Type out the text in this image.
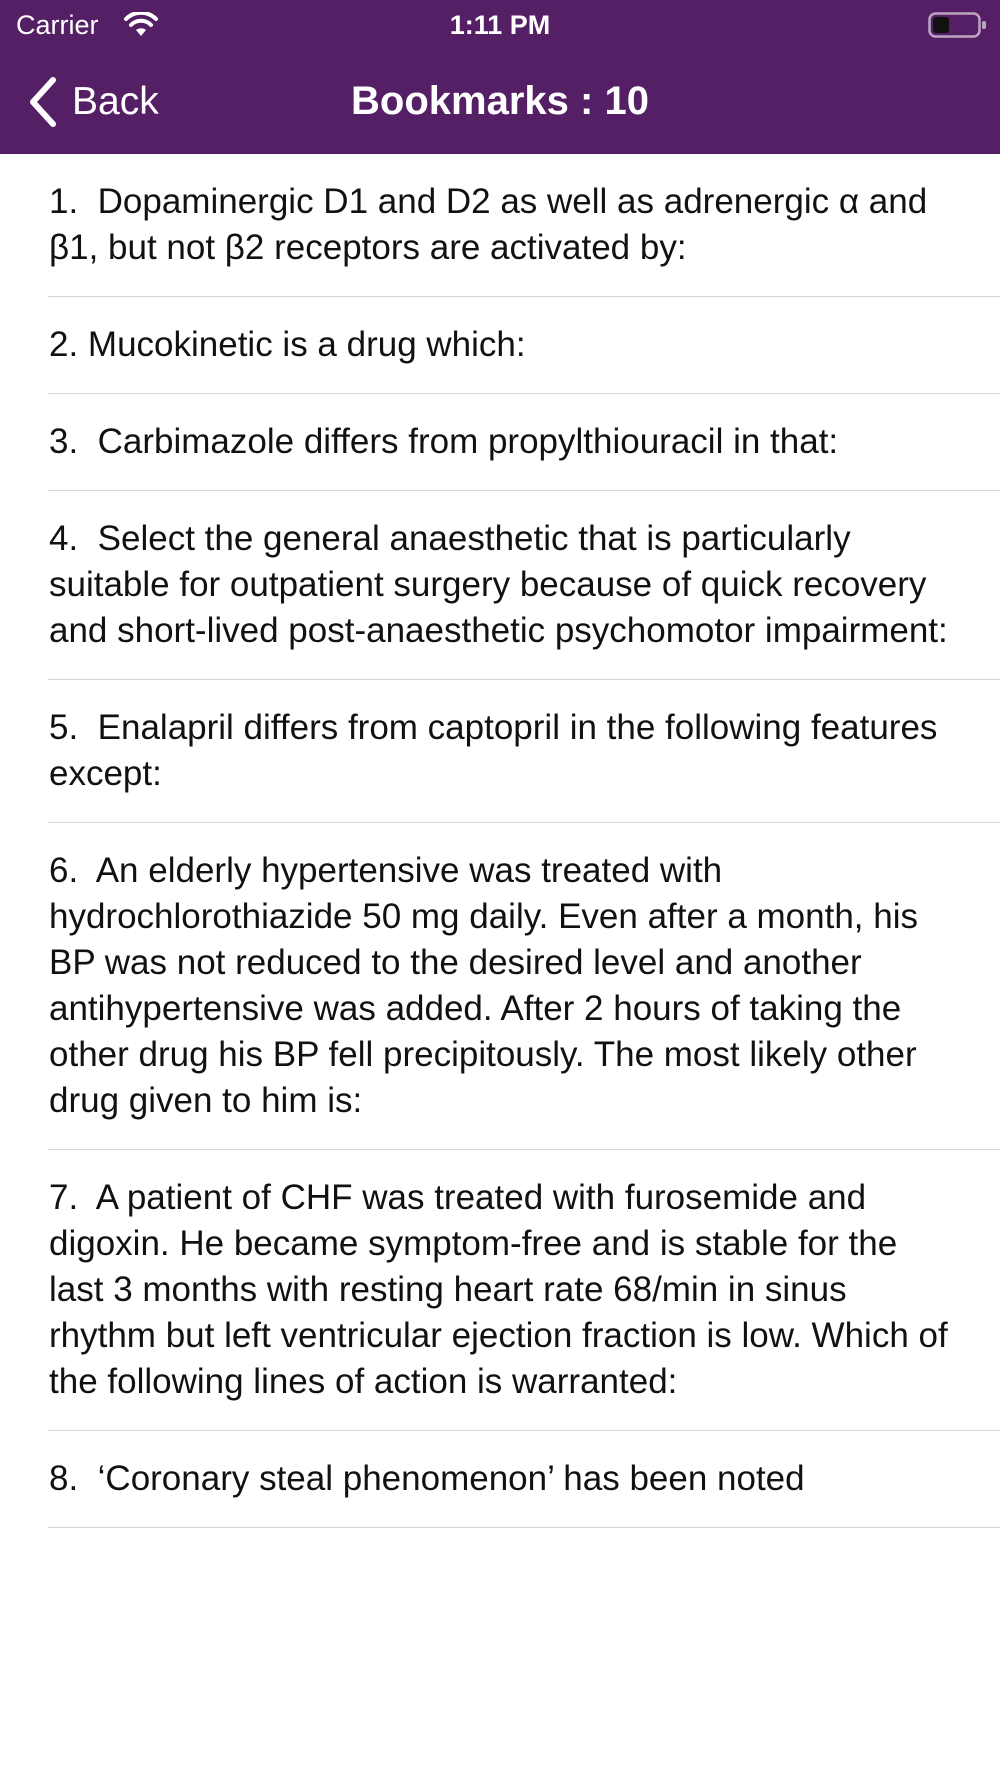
Carrier	1:11 PM
Back	Bookmarks : 10
1.  Dopaminergic D1 and D2 as well as adrenergic α and β1, but not β2 receptors are activated by:
2. Mucokinetic is a drug which:
3.  Carbimazole differs from propylthiouracil in that:
4.  Select the general anaesthetic that is particularly suitable for outpatient surgery because of quick recovery and short-lived post-anaesthetic psychomotor impairment:
5.  Enalapril differs from captopril in the following features except:
6.  An elderly hypertensive was treated with hydrochlorothiazide 50 mg daily. Even after a month, his BP was not reduced to the desired level and another antihypertensive was added. After 2 hours of taking the other drug his BP fell precipitously. The most likely other drug given to him is:
7.  A patient of CHF was treated with furosemide and digoxin. He became symptom-free and is stable for the last 3 months with resting heart rate 68/min in sinus rhythm but left ventricular ejection fraction is low. Which of the following lines of action is warranted:
8.  ‘Coronary steal phenomenon’ has been noted
